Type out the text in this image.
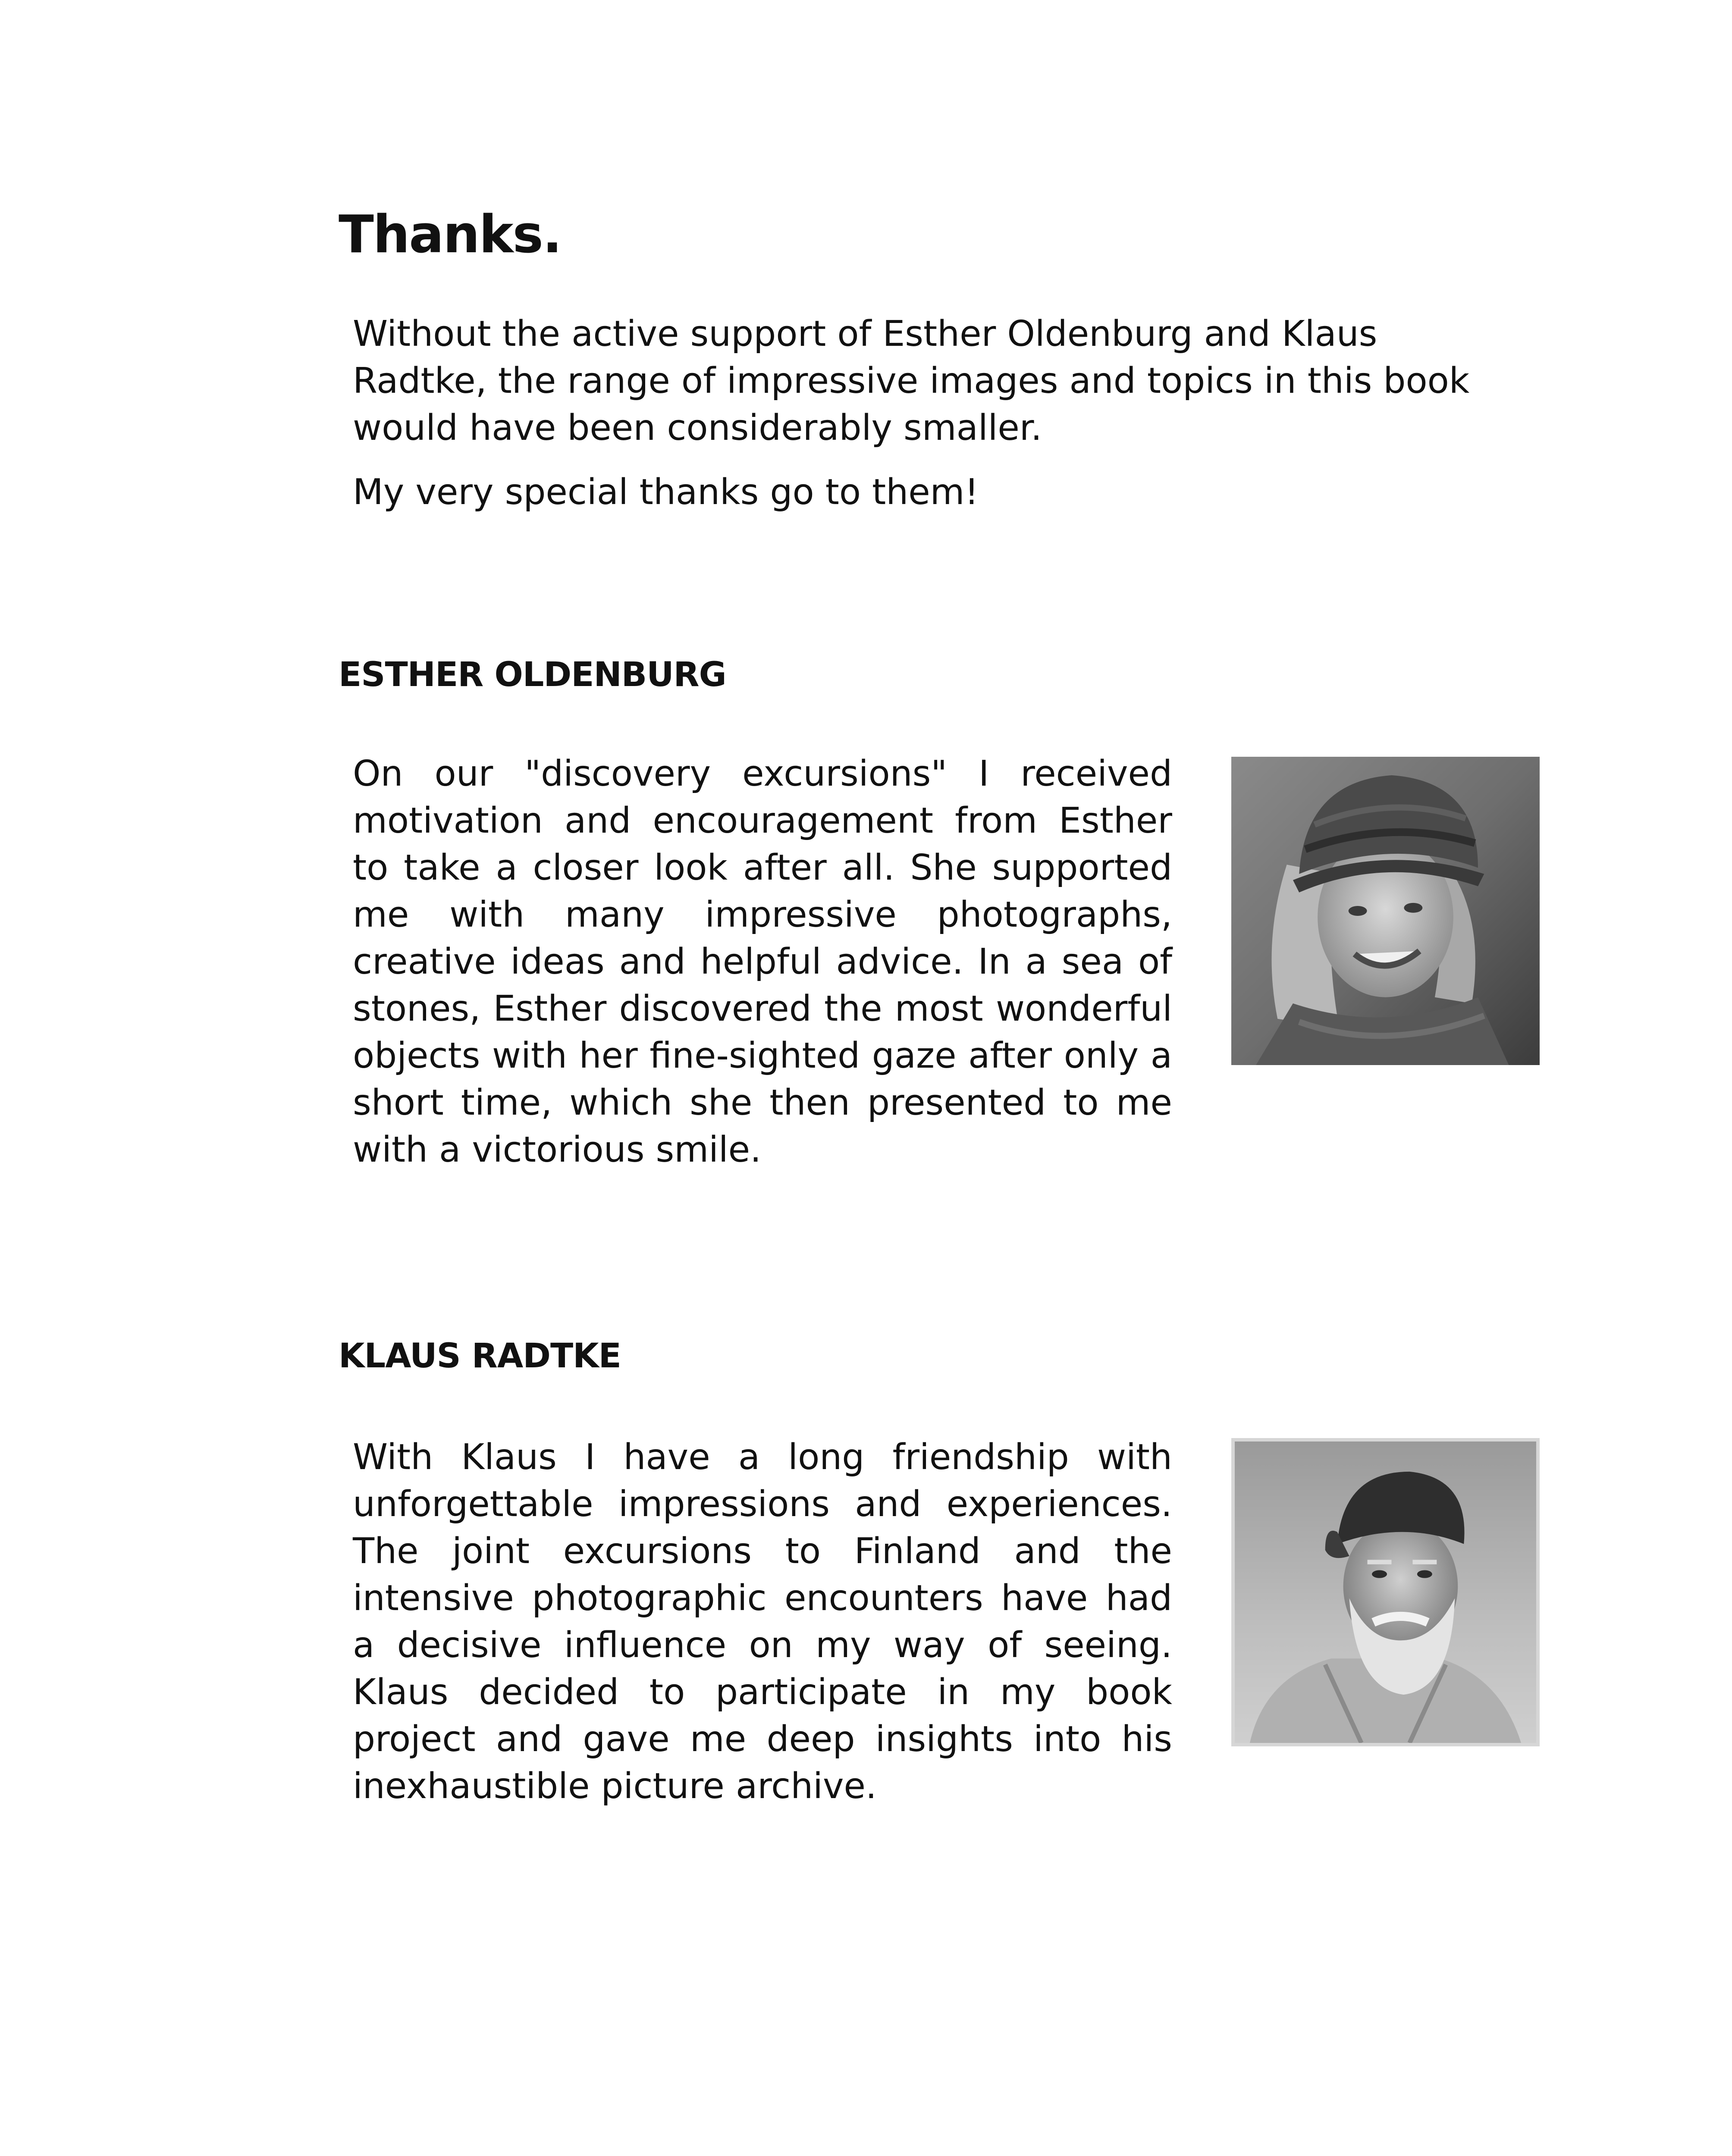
Thanks.

Without the active support of Esther Oldenburg and Klaus Radtke, the range of impressive images and topics in this book would have been considerably smaller.

My very special thanks go to them!

ESTHER OLDENBURG

On our "discovery excursions" I received motivation and encouragement from Esther to take a closer look after all. She supported me with many impressive photographs, creative ideas and helpful advice. In a sea of stones, Esther discovered the most wonderful objects with her fine-sighted gaze after only a short time, which she then presented to me with a victorious smile.

KLAUS RADTKE

With Klaus I have a long friendship with unforgettable impressions and experiences. The joint excursions to Finland and the intensive photographic encounters have had a decisive influence on my way of seeing. Klaus decided to participate in my book project and gave me deep insights into his inexhaustible picture archive.
